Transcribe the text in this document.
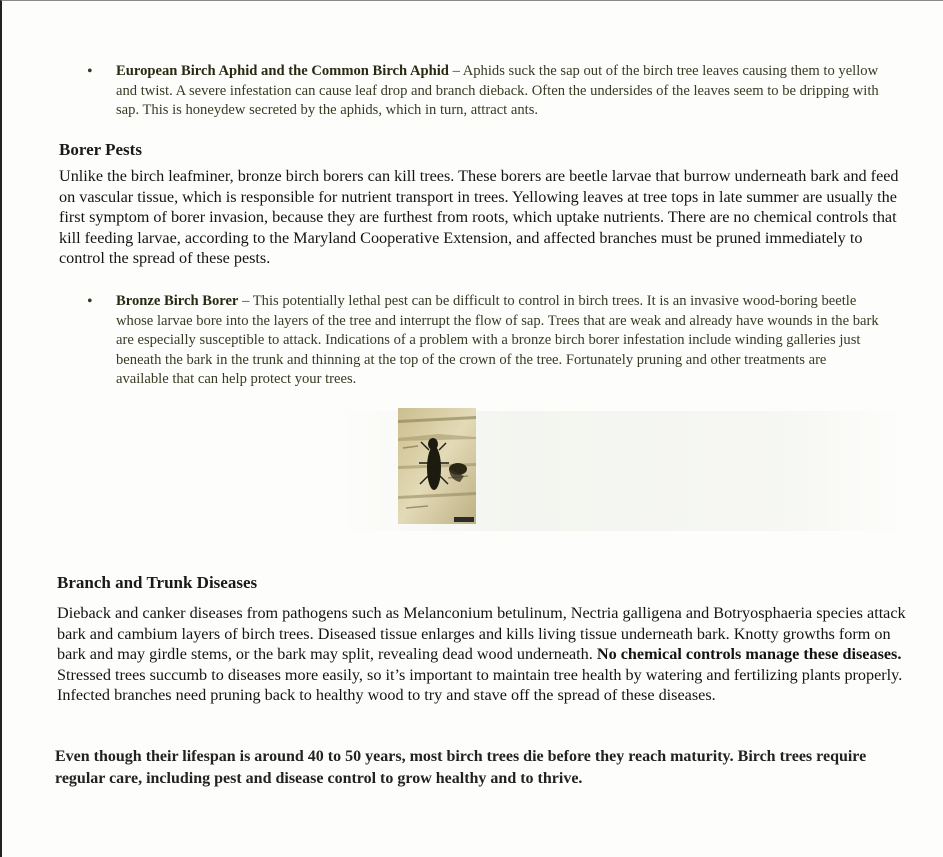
•	European Birch Aphid and the Common Birch Aphid – Aphids suck the sap out of the birch tree leaves causing them to yellow and twist. A severe infestation can cause leaf drop and branch dieback. Often the undersides of the leaves seem to be dripping with sap. This is honeydew secreted by the aphids, which in turn, attract ants.
Borer Pests

Unlike the birch leafminer, bronze birch borers can kill trees. These borers are beetle larvae that burrow underneath bark and feed on vascular tissue, which is responsible for nutrient transport in trees. Yellowing leaves at tree tops in late summer are usually the first symptom of borer invasion, because they are furthest from roots, which uptake nutrients. There are no chemical controls that kill feeding larvae, according to the Maryland Cooperative Extension, and affected branches must be pruned immediately to control the spread of these pests.

•	Bronze Birch Borer – This potentially lethal pest can be difficult to control in birch trees. It is an invasive wood-boring beetle whose larvae bore into the layers of the tree and interrupt the flow of sap. Trees that are weak and already have wounds in the bark are especially susceptible to attack. Indications of a problem with a bronze birch borer infestation include winding galleries just beneath the bark in the trunk and thinning at the top of the crown of the tree. Fortunately pruning and other treatments are available that can help protect your trees.
Branch and Trunk Diseases

Dieback and canker diseases from pathogens such as Melanconium betulinum, Nectria galligena and Botryosphaeria species attack bark and cambium layers of birch trees. Diseased tissue enlarges and kills living tissue underneath bark. Knotty growths form on bark and may girdle stems, or the bark may split, revealing dead wood underneath. No chemical controls manage these diseases. Stressed trees succumb to diseases more easily, so it’s important to maintain tree health by watering and fertilizing plants properly. Infected branches need pruning back to healthy wood to try and stave off the spread of these diseases.

Even though their lifespan is around 40 to 50 years, most birch trees die before they reach maturity. Birch trees require regular care, including pest and disease control to grow healthy and to thrive.
